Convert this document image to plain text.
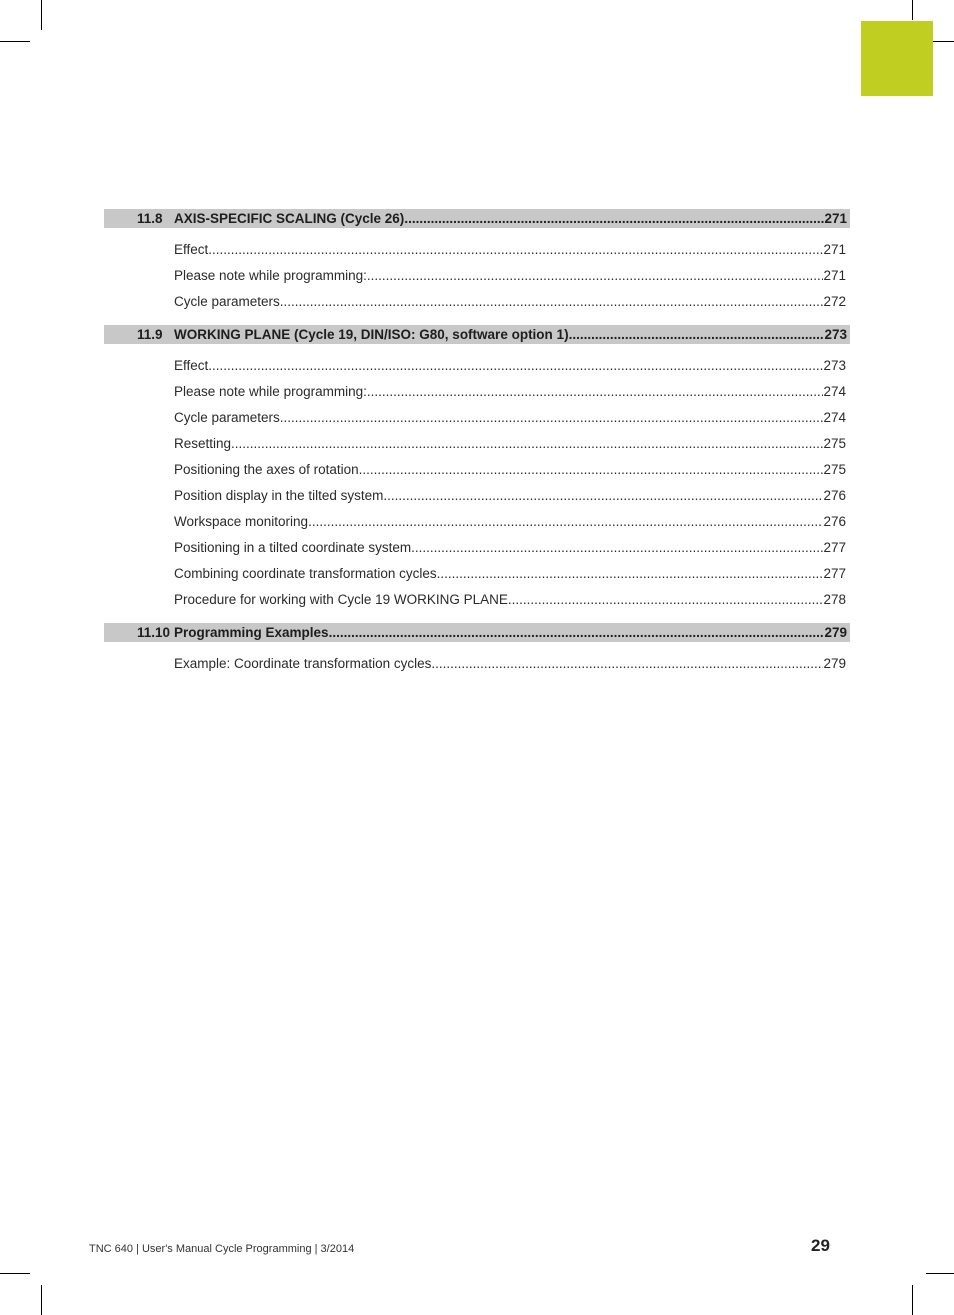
11.8 AXIS-SPECIFIC SCALING (Cycle 26) .....	271
Effect .....	271
Please note while programming: .....	271
Cycle parameters .....	272
11.9 WORKING PLANE (Cycle 19, DIN/ISO: G80, software option 1) .....	273
Effect .....	273
Please note while programming: .....	274
Cycle parameters .....	274
Resetting .....	275
Positioning the axes of rotation .....	275
Position display in the tilted system .....	276
Workspace monitoring .....	276
Positioning in a tilted coordinate system .....	277
Combining coordinate transformation cycles .....	277
Procedure for working with Cycle 19 WORKING PLANE .....	278
11.10 Programming Examples .....	279
Example: Coordinate transformation cycles .....	279
TNC 640 | User's Manual Cycle Programming | 3/2014	29
